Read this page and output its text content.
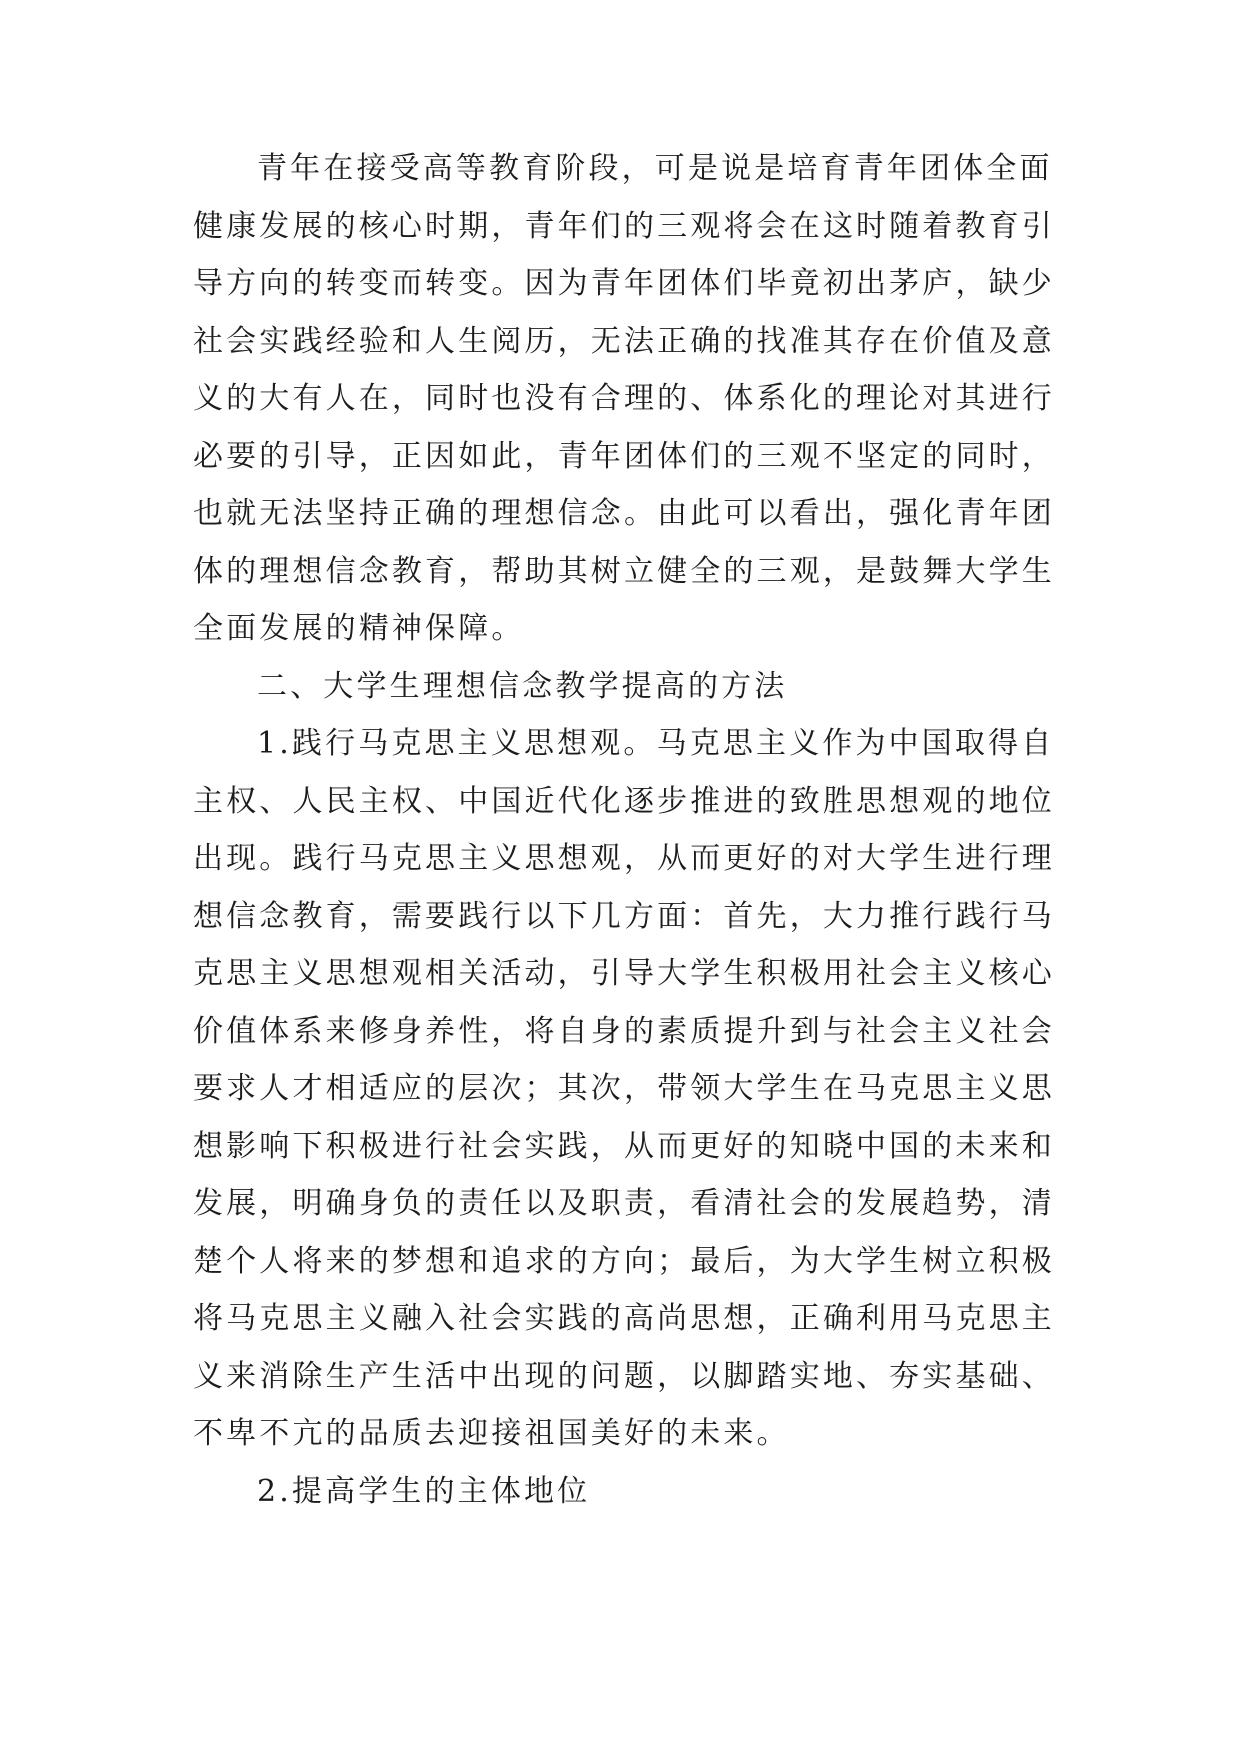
青年在接受高等教育阶段，可是说是培育青年团体全面
健康发展的核心时期，青年们的三观将会在这时随着教育引
导方向的转变而转变。因为青年团体们毕竟初出茅庐，缺少
社会实践经验和人生阅历，无法正确的找准其存在价值及意
义的大有人在，同时也没有合理的、体系化的理论对其进行
必要的引导，正因如此，青年团体们的三观不坚定的同时，
也就无法坚持正确的理想信念。由此可以看出，强化青年团
体的理想信念教育，帮助其树立健全的三观，是鼓舞大学生
全面发展的精神保障。
二、大学生理想信念教学提高的方法
1.践行马克思主义思想观。马克思主义作为中国取得自
主权、人民主权、中国近代化逐步推进的致胜思想观的地位
出现。践行马克思主义思想观，从而更好的对大学生进行理
想信念教育，需要践行以下几方面：首先，大力推行践行马
克思主义思想观相关活动，引导大学生积极用社会主义核心
价值体系来修身养性，将自身的素质提升到与社会主义社会
要求人才相适应的层次；其次，带领大学生在马克思主义思
想影响下积极进行社会实践，从而更好的知晓中国的未来和
发展，明确身负的责任以及职责，看清社会的发展趋势，清
楚个人将来的梦想和追求的方向；最后，为大学生树立积极
将马克思主义融入社会实践的高尚思想，正确利用马克思主
义来消除生产生活中出现的问题，以脚踏实地、夯实基础、
不卑不亢的品质去迎接祖国美好的未来。
2.提高学生的主体地位
